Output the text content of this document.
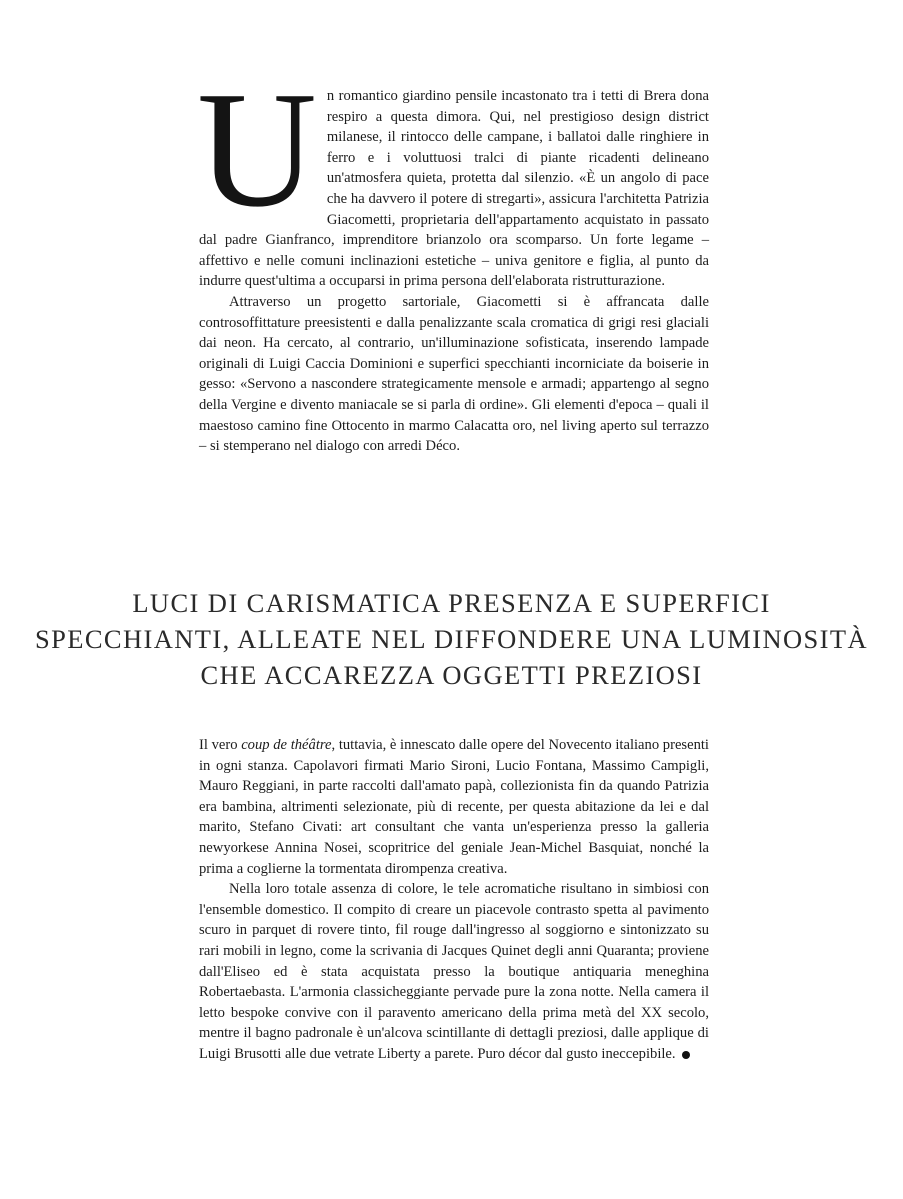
Un romantico giardino pensile incastonato tra i tetti di Brera dona respiro a questa dimora. Qui, nel prestigioso design district milanese, il rintocco delle campane, i ballatoi dalle ringhiere in ferro e i voluttuosi tralci di piante ricadenti delineano un'atmosfera quieta, protetta dal silenzio. «È un angolo di pace che ha davvero il potere di stregarti», assicura l'architetta Patrizia Giacometti, proprietaria dell'appartamento acquistato in passato dal padre Gianfranco, imprenditore brianzolo ora scomparso. Un forte legame – affettivo e nelle comuni inclinazioni estetiche – univa genitore e figlia, al punto da indurre quest'ultima a occuparsi in prima persona dell'elaborata ristrutturazione.

Attraverso un progetto sartoriale, Giacometti si è affrancata dalle controsoffittature preesistenti e dalla penalizzante scala cromatica di grigi resi glaciali dai neon. Ha cercato, al contrario, un'illuminazione sofisticata, inserendo lampade originali di Luigi Caccia Dominioni e superfici specchianti incorniciate da boiserie in gesso: «Servono a nascondere strategicamente mensole e armadi; appartengo al segno della Vergine e divento maniacale se si parla di ordine». Gli elementi d'epoca – quali il maestoso camino fine Ottocento in marmo Calacatta oro, nel living aperto sul terrazzo – si stemperano nel dialogo con arredi Déco.

LUCI DI CARISMATICA PRESENZA E SUPERFICI
SPECCHIANTI, ALLEATE NEL DIFFONDERE UNA LUMINOSITÀ
CHE ACCAREZZA OGGETTI PREZIOSI

Il vero coup de théâtre, tuttavia, è innescato dalle opere del Novecento italiano presenti in ogni stanza. Capolavori firmati Mario Sironi, Lucio Fontana, Massimo Campigli, Mauro Reggiani, in parte raccolti dall'amato papà, collezionista fin da quando Patrizia era bambina, altrimenti selezionate, più di recente, per questa abitazione da lei e dal marito, Stefano Civati: art consultant che vanta un'esperienza presso la galleria newyorkese Annina Nosei, scopritrice del geniale Jean-Michel Basquiat, nonché la prima a coglierne la tormentata dirompenza creativa.

Nella loro totale assenza di colore, le tele acromatiche risultano in simbiosi con l'ensemble domestico. Il compito di creare un piacevole contrasto spetta al pavimento scuro in parquet di rovere tinto, fil rouge dall'ingresso al soggiorno e sintonizzato su rari mobili in legno, come la scrivania di Jacques Quinet degli anni Quaranta; proviene dall'Eliseo ed è stata acquistata presso la boutique antiquaria meneghina Robertaebasta. L'armonia classicheggiante pervade pure la zona notte. Nella camera il letto bespoke convive con il paravento americano della prima metà del XX secolo, mentre il bagno padronale è un'alcova scintillante di dettagli preziosi, dalle applique di Luigi Brusotti alle due vetrate Liberty a parete. Puro décor dal gusto ineccepibile.
